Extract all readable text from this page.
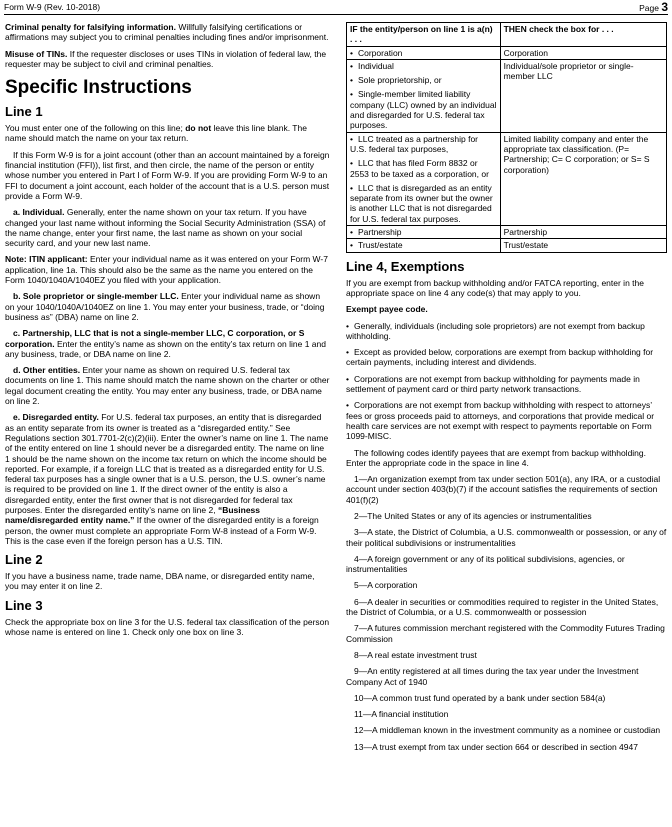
Form W-9 (Rev. 10-2018)	Page 3

Criminal penalty for falsifying information. Willfully falsifying certifications or affirmations may subject you to criminal penalties including fines and/or imprisonment.

Misuse of TINs. If the requester discloses or uses TINs in violation of federal law, the requester may be subject to civil and criminal penalties.

Specific Instructions
Line 1

You must enter one of the following on this line; do not leave this line blank. The name should match the name on your tax return.

If this Form W-9 is for a joint account (other than an account maintained by a foreign financial institution (FFI)), list first, and then circle, the name of the person or entity whose number you entered in Part I of Form W-9. If you are providing Form W-9 to an FFI to document a joint account, each holder of the account that is a U.S. person must provide a Form W-9.

a. Individual. Generally, enter the name shown on your tax return. If you have changed your last name without informing the Social Security Administration (SSA) of the name change, enter your first name, the last name as shown on your social security card, and your new last name.

Note: ITIN applicant: Enter your individual name as it was entered on your Form W-7 application, line 1a. This should also be the same as the name you entered on the Form 1040/1040A/1040EZ you filed with your application.

b. Sole proprietor or single-member LLC. Enter your individual name as shown on your 1040/1040A/1040EZ on line 1. You may enter your business, trade, or “doing business as” (DBA) name on line 2.

c. Partnership, LLC that is not a single-member LLC, C corporation, or S corporation. Enter the entity’s name as shown on the entity’s tax return on line 1 and any business, trade, or DBA name on line 2.

d. Other entities. Enter your name as shown on required U.S. federal tax documents on line 1. This name should match the name shown on the charter or other legal document creating the entity. You may enter any business, trade, or DBA name on line 2.

e. Disregarded entity. For U.S. federal tax purposes, an entity that is disregarded as an entity separate from its owner is treated as a “disregarded entity.” See Regulations section 301.7701-2(c)(2)(iii). Enter the owner’s name on line 1. The name of the entity entered on line 1 should never be a disregarded entity. The name on line 1 should be the name shown on the income tax return on which the income should be reported. For example, if a foreign LLC that is treated as a disregarded entity for U.S. federal tax purposes has a single owner that is a U.S. person, the U.S. owner’s name is required to be provided on line 1. If the direct owner of the entity is also a disregarded entity, enter the first owner that is not disregarded for federal tax purposes. Enter the disregarded entity’s name on line 2, “Business name/disregarded entity name.” If the owner of the disregarded entity is a foreign person, the owner must complete an appropriate Form W-8 instead of a Form W-9. This is the case even if the foreign person has a U.S. TIN.

Line 2

If you have a business name, trade name, DBA name, or disregarded entity name, you may enter it on line 2.

Line 3

Check the appropriate box on line 3 for the U.S. federal tax classification of the person whose name is entered on line 1. Check only one box on line 3.

IF the entity/person on line 1 is a(n) . . .	THEN check the box for . . .

• Corporation	Corporation

• Individual
• Sole proprietorship, or
• Single-member limited liability company (LLC) owned by an individual and disregarded for U.S. federal tax purposes.	Individual/sole proprietor or single-member LLC

• LLC treated as a partnership for U.S. federal tax purposes,
• LLC that has filed Form 8832 or 2553 to be taxed as a corporation, or
• LLC that is disregarded as an entity separate from its owner but the owner is another LLC that is not disregarded for U.S. federal tax purposes.	Limited liability company and enter the appropriate tax classification. (P= Partnership; C= C corporation; or S= S corporation)

• Partnership	Partnership

• Trust/estate	Trust/estate
Line 4, Exemptions

If you are exempt from backup withholding and/or FATCA reporting, enter in the appropriate space on line 4 any code(s) that may apply to you.

Exempt payee code.

• Generally, individuals (including sole proprietors) are not exempt from backup withholding.

• Except as provided below, corporations are exempt from backup withholding for certain payments, including interest and dividends.

• Corporations are not exempt from backup withholding for payments made in settlement of payment card or third party network transactions.

• Corporations are not exempt from backup withholding with respect to attorneys’ fees or gross proceeds paid to attorneys, and corporations that provide medical or health care services are not exempt with respect to payments reportable on Form 1099-MISC.

The following codes identify payees that are exempt from backup withholding. Enter the appropriate code in the space in line 4.

1—An organization exempt from tax under section 501(a), any IRA, or a custodial account under section 403(b)(7) if the account satisfies the requirements of section 401(f)(2)

2—The United States or any of its agencies or instrumentalities

3—A state, the District of Columbia, a U.S. commonwealth or possession, or any of their political subdivisions or instrumentalities

4—A foreign government or any of its political subdivisions, agencies, or instrumentalities

5—A corporation

6—A dealer in securities or commodities required to register in the United States, the District of Columbia, or a U.S. commonwealth or possession

7—A futures commission merchant registered with the Commodity Futures Trading Commission

8—A real estate investment trust

9—An entity registered at all times during the tax year under the Investment Company Act of 1940

10—A common trust fund operated by a bank under section 584(a)

11—A financial institution

12—A middleman known in the investment community as a nominee or custodian

13—A trust exempt from tax under section 664 or described in section 4947
